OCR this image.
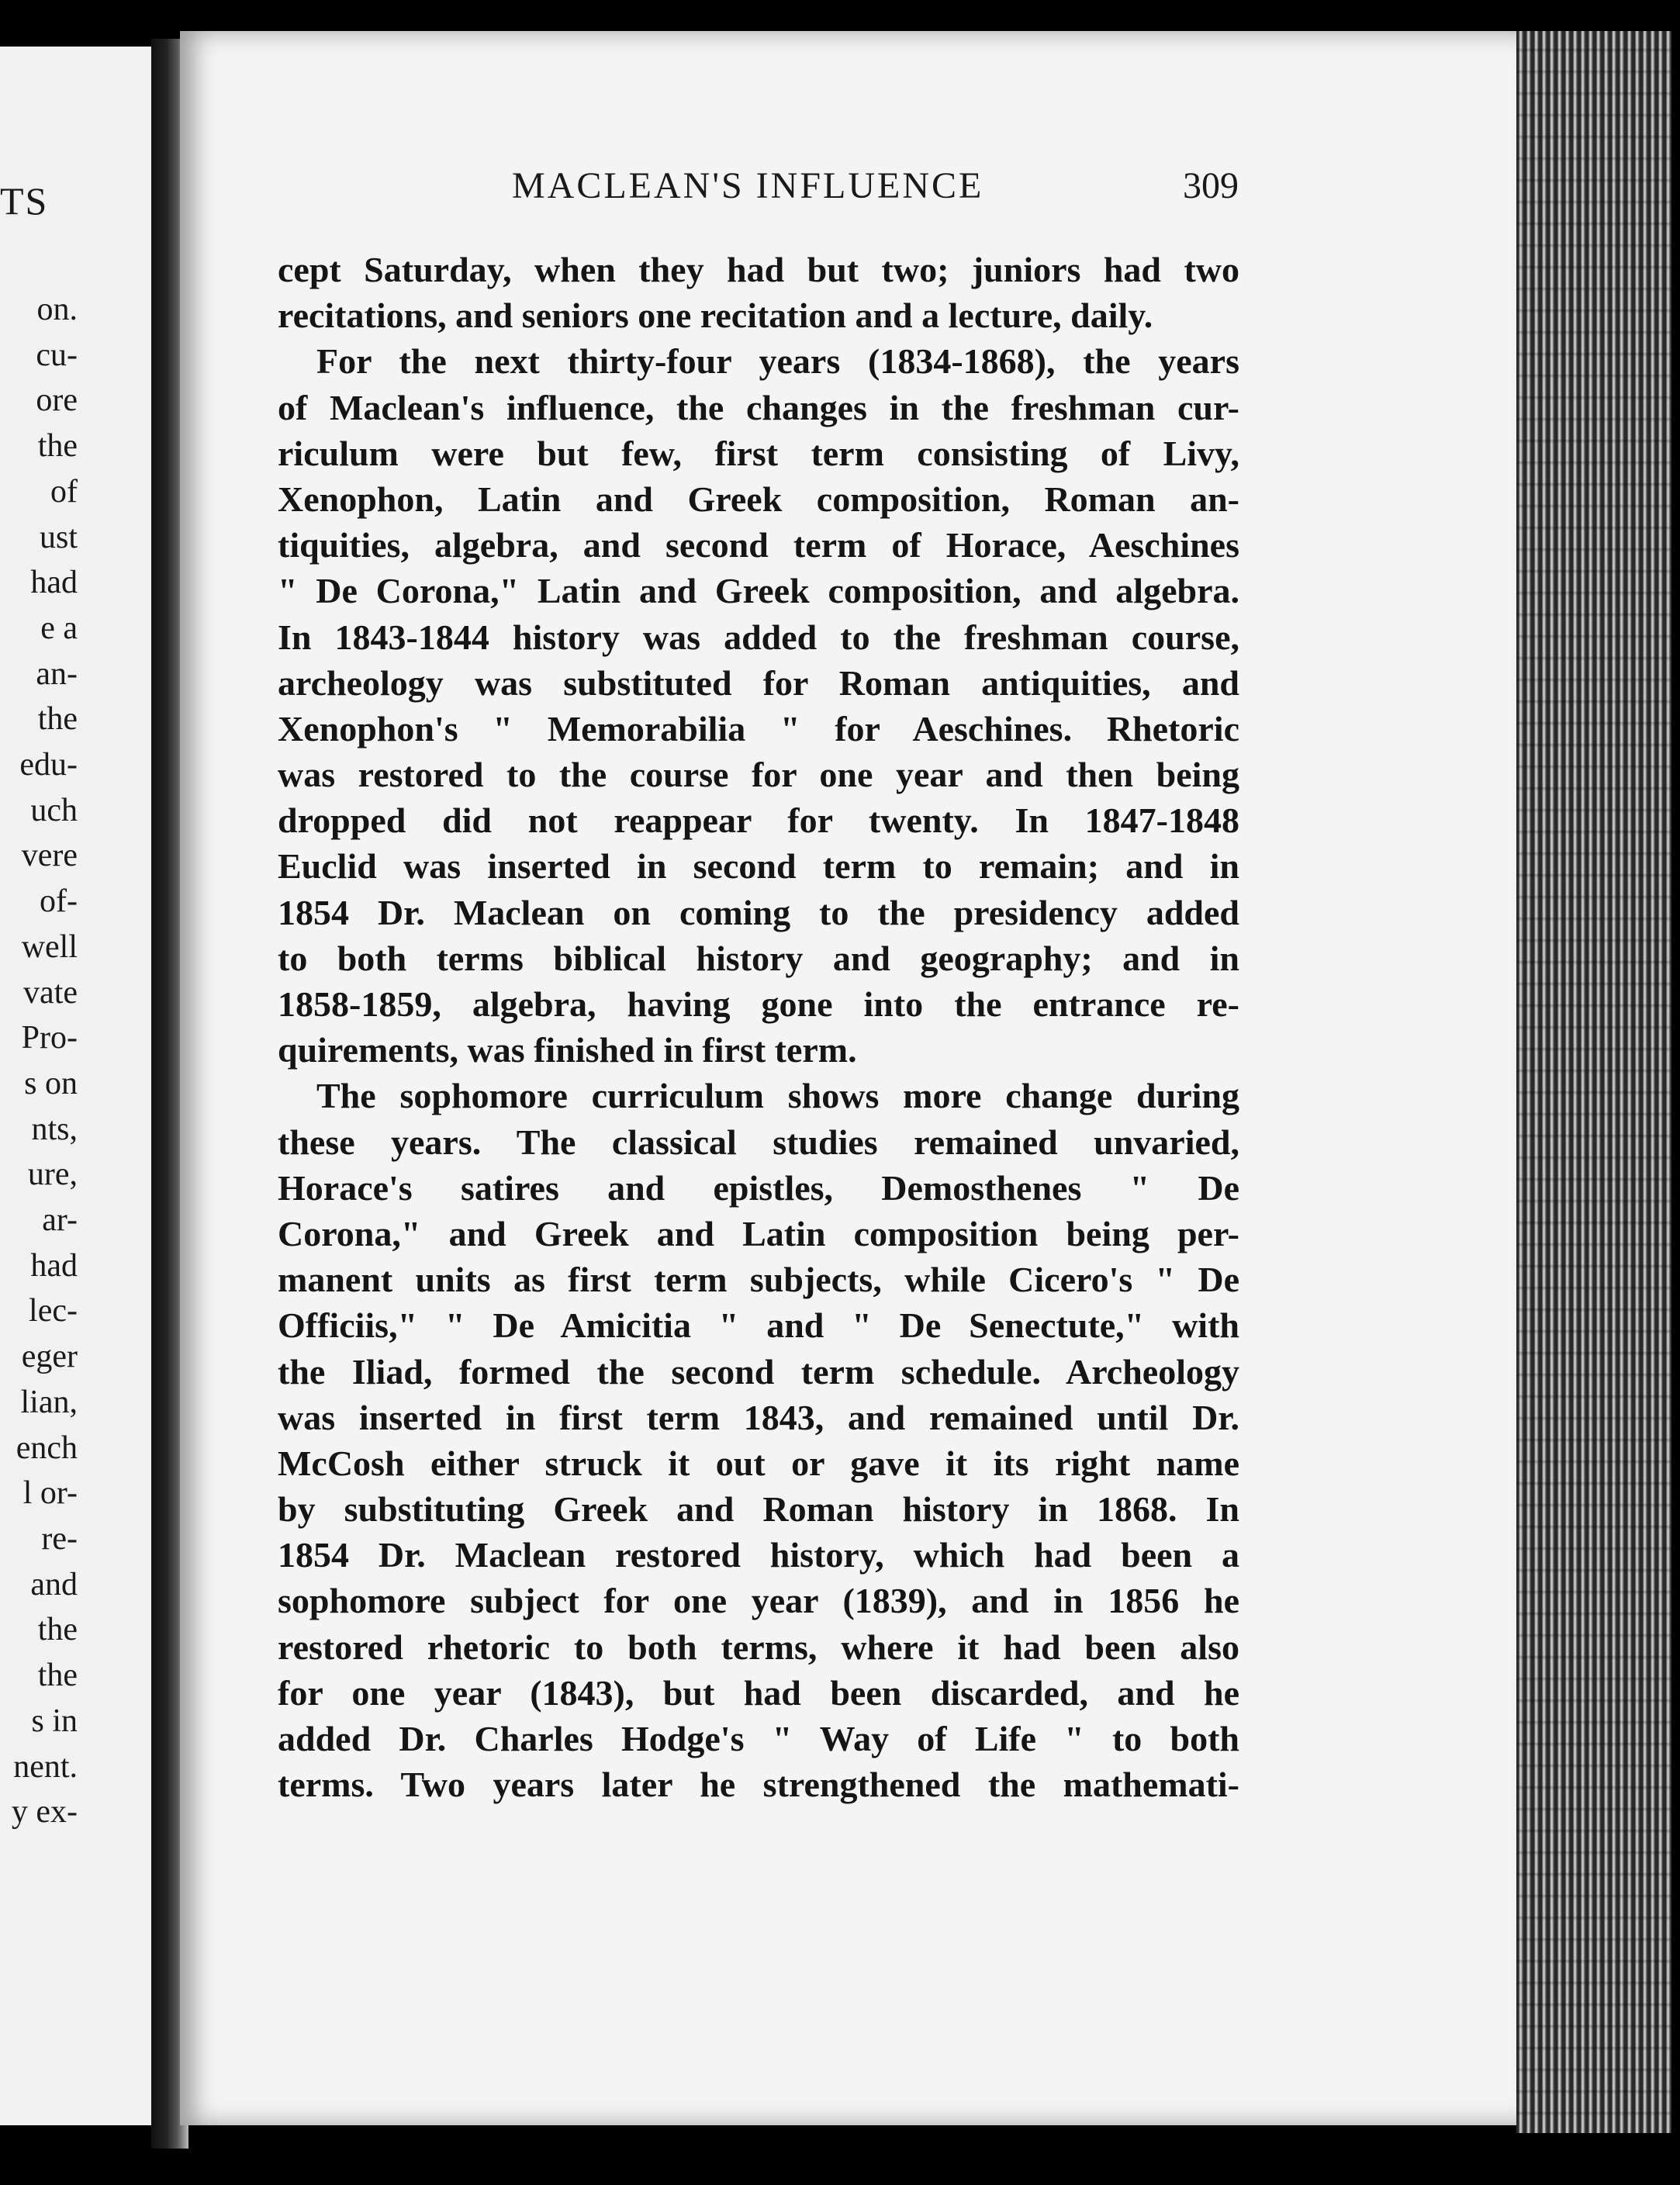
TS
on.
cu-
ore
the
of
ust
had
e a
an-
the
edu-
uch
vere
of-
well
vate
Pro-
s on
nts,
ure,
ar-
had
lec-
eger
lian,
ench
l or-
re-
and
the
the
s in
nent.
y ex-
MACLEAN'S INFLUENCE	309
cept Saturday, when they had but two; juniors had two
recitations, and seniors one recitation and a lecture, daily.
For the next thirty-four years (1834-1868), the years
of Maclean's influence, the changes in the freshman cur-
riculum were but few, first term consisting of Livy,
Xenophon, Latin and Greek composition, Roman an-
tiquities, algebra, and second term of Horace, Aeschines
" De Corona," Latin and Greek composition, and algebra.
In 1843-1844 history was added to the freshman course,
archeology was substituted for Roman antiquities, and
Xenophon's " Memorabilia " for Aeschines. Rhetoric
was restored to the course for one year and then being
dropped did not reappear for twenty. In 1847-1848
Euclid was inserted in second term to remain; and in
1854 Dr. Maclean on coming to the presidency added
to both terms biblical history and geography; and in
1858-1859, algebra, having gone into the entrance re-
quirements, was finished in first term.
The sophomore curriculum shows more change during
these years. The classical studies remained unvaried,
Horace's satires and epistles, Demosthenes " De
Corona," and Greek and Latin composition being per-
manent units as first term subjects, while Cicero's " De
Officiis," " De Amicitia " and " De Senectute," with
the Iliad, formed the second term schedule. Archeology
was inserted in first term 1843, and remained until Dr.
McCosh either struck it out or gave it its right name
by substituting Greek and Roman history in 1868. In
1854 Dr. Maclean restored history, which had been a
sophomore subject for one year (1839), and in 1856 he
restored rhetoric to both terms, where it had been also
for one year (1843), but had been discarded, and he
added Dr. Charles Hodge's " Way of Life " to both
terms. Two years later he strengthened the mathemati-
